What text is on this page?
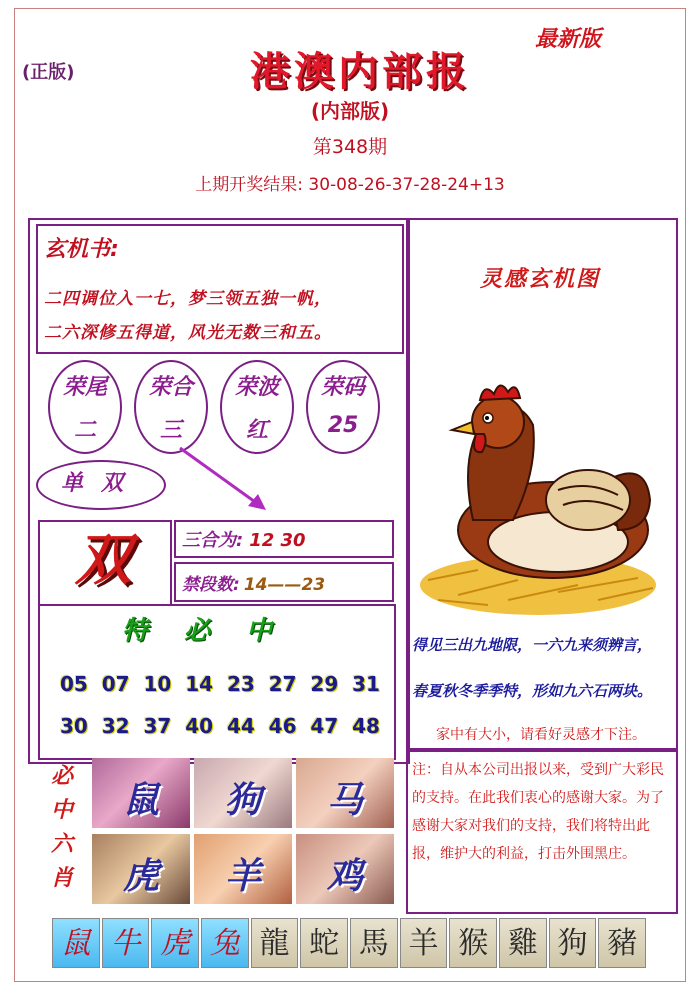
(正版)
最新版
港澳内部报
(内部版)
第348期
上期开奖结果: 30-08-26-37-28-24+13
玄机书:
二四调位入一七，梦三领五独一帆，
二六深修五得道，风光无数三和五。
荣尾
二
荣合
三
荣波
红
荣码
25
单双
双	三合为: 12 30
禁段数: 14——23
特必中
05 07 10 14 23 27 29 31
30 32 37 40 44 46 47 48
必
中
六
肖
鼠	狗	马
虎	羊	鸡
灵感玄机图
得见三出九地限，一六九来须辨言，
春夏秋冬季季特，形如九六石两块。
家中有大小，请看好灵感才下注。
注：自从本公司出报以来，受到广大彩民的支持。在此我们衷心的感谢大家。为了感谢大家对我们的支持，我们将特出此报，维护大的利益，打击外围黑庄。
鼠 牛 虎 兔 龍 蛇 馬 羊 猴 雞 狗 豬
